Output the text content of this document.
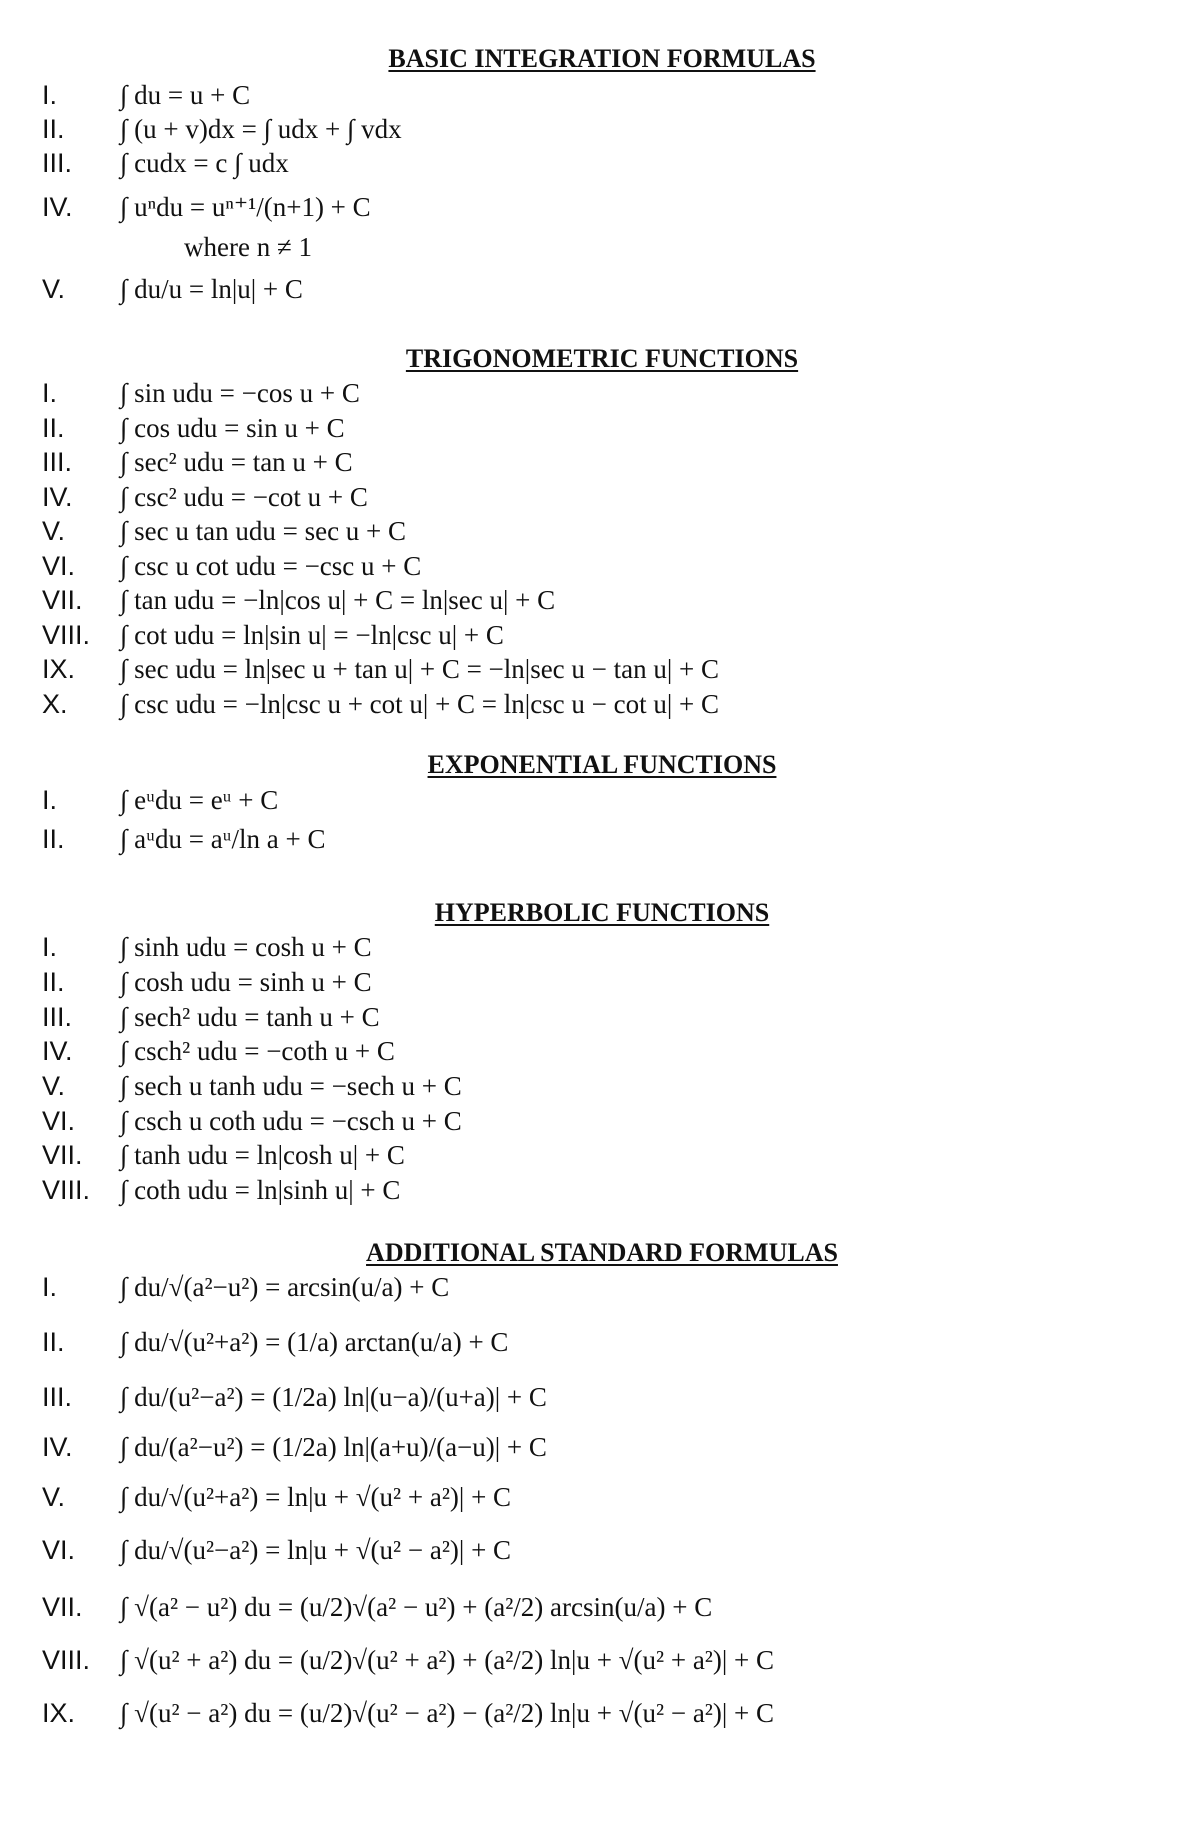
BASIC INTEGRATION FORMULAS
I. ∫ du = u + C
II. ∫ (u + v)dx = ∫ udx + ∫ vdx
III. ∫ cudx = c ∫ udx
IV. ∫ uⁿdu = uⁿ⁺¹/(n+1) + C
V. ∫ du/u = ln|u| + C
where n ≠ 1
TRIGONOMETRIC FUNCTIONS
I. ∫ sin udu = −cos u + C
II. ∫ cos udu = sin u + C
III. ∫ sec² udu = tan u + C
IV. ∫ csc² udu = −cot u + C
V. ∫ sec u tan udu = sec u + C
VI. ∫ csc u cot udu = −csc u + C
VII. ∫ tan udu = −ln|cos u| + C = ln|sec u| + C
VIII. ∫ cot udu = ln|sin u| = −ln|csc u| + C
IX. ∫ sec udu = ln|sec u + tan u| + C = −ln|sec u − tan u| + C
X. ∫ csc udu = −ln|csc u + cot u| + C = ln|csc u − cot u| + C
EXPONENTIAL FUNCTIONS
I. ∫ eᵘdu = eᵘ + C
II. ∫ aᵘdu = aᵘ/ln a + C
HYPERBOLIC FUNCTIONS
I. ∫ sinh udu = cosh u + C
II. ∫ cosh udu = sinh u + C
III. ∫ sech² udu = tanh u + C
IV. ∫ csch² udu = −coth u + C
V. ∫ sech u tanh udu = −sech u + C
VI. ∫ csch u coth udu = −csch u + C
VII. ∫ tanh udu = ln|cosh u| + C
VIII. ∫ coth udu = ln|sinh u| + C
ADDITIONAL STANDARD FORMULAS
I. ∫ du/√(a²−u²) = arcsin(u/a) + C
II. ∫ du/√(u²+a²) = (1/a) arctan(u/a) + C
III. ∫ du/(u²−a²) = (1/2a) ln|(u−a)/(u+a)| + C
IV. ∫ du/(a²−u²) = (1/2a) ln|(a+u)/(a−u)| + C
V. ∫ du/√(u²+a²) = ln|u + √(u² + a²)| + C
VI. ∫ du/√(u²−a²) = ln|u + √(u² − a²)| + C
VII. ∫ √(a² − u²) du = (u/2)√(a² − u²) + (a²/2) arcsin(u/a) + C
VIII. ∫ √(u² + a²) du = (u/2)√(u² + a²) + (a²/2) ln|u + √(u² + a²)| + C
IX. ∫ √(u² − a²) du = (u/2)√(u² − a²) − (a²/2) ln|u + √(u² − a²)| + C
